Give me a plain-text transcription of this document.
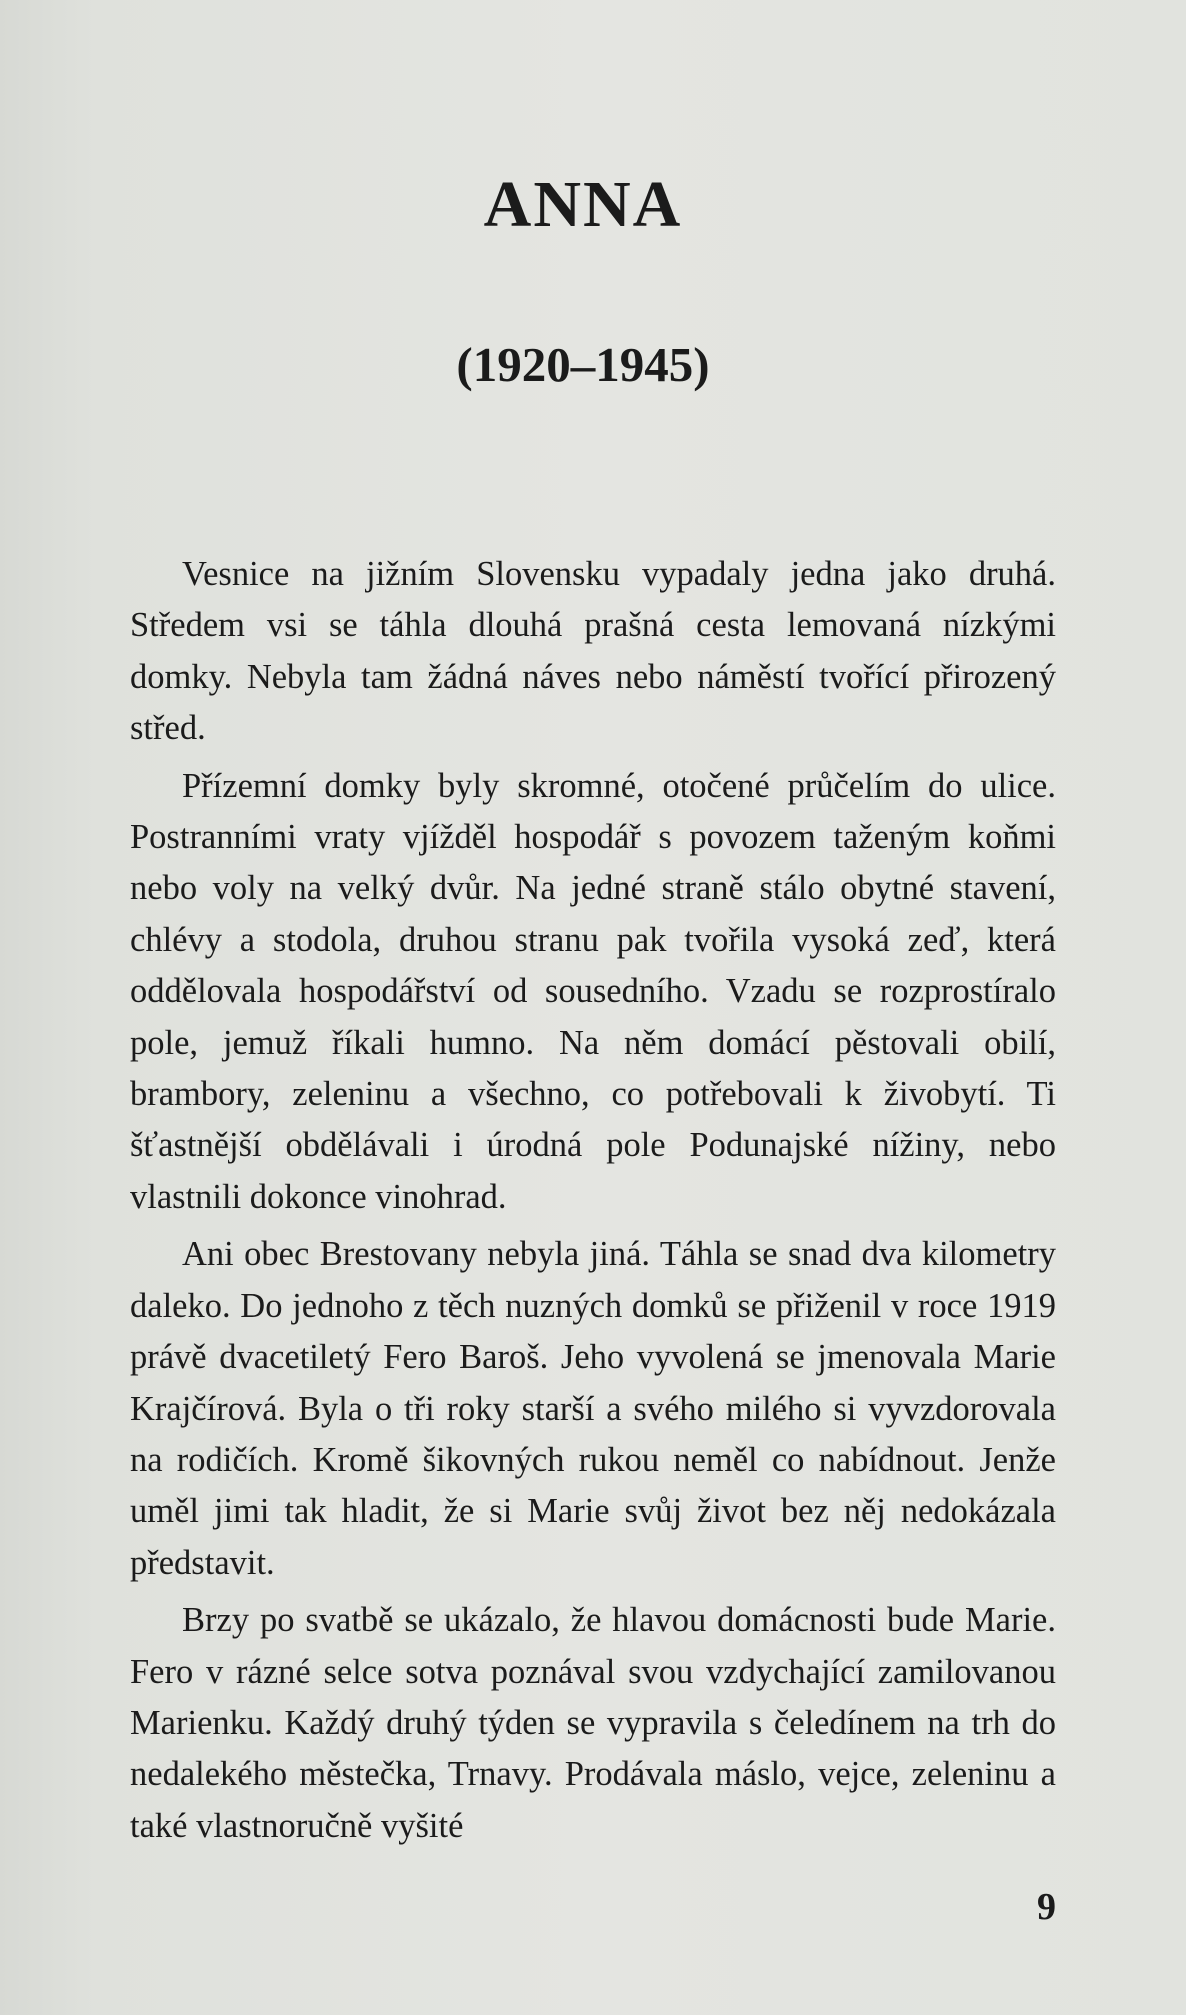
ANNA
(1920–1945)

Vesnice na jižním Slovensku vypadaly jedna jako druhá. Středem vsi se táhla dlouhá prašná cesta lemovaná nízkými domky. Nebyla tam žádná náves nebo náměstí tvořící přirozený střed.

Přízemní domky byly skromné, otočené průčelím do ulice. Postranními vraty vjížděl hospodář s povozem taženým koňmi nebo voly na velký dvůr. Na jedné straně stálo obytné stavení, chlévy a stodola, druhou stranu pak tvořila vysoká zeď, která oddělovala hospodářství od sousedního. Vzadu se rozprostíralo pole, jemuž říkali humno. Na něm domácí pěstovali obilí, brambory, zeleninu a všechno, co potřebovali k živobytí. Ti šťastnější obdělávali i úrodná pole Podunajské nížiny, nebo vlastnili dokonce vinohrad.

Ani obec Brestovany nebyla jiná. Táhla se snad dva kilometry daleko. Do jednoho z těch nuzných domků se přiženil v roce 1919 právě dvacetiletý Fero Baroš. Jeho vyvolená se jmenovala Marie Krajčírová. Byla o tři roky starší a svého milého si vyvzdorovala na rodičích. Kromě šikovných rukou neměl co nabídnout. Jenže uměl jimi tak hladit, že si Marie svůj život bez něj nedokázala představit.

Brzy po svatbě se ukázalo, že hlavou domácnosti bude Marie. Fero v rázné selce sotva poznával svou vzdychající zamilovanou Marienku. Každý druhý týden se vypravila s čeledínem na trh do nedalekého městečka, Trnavy. Prodávala máslo, vejce, zeleninu a také vlastnoručně vyšité

9
